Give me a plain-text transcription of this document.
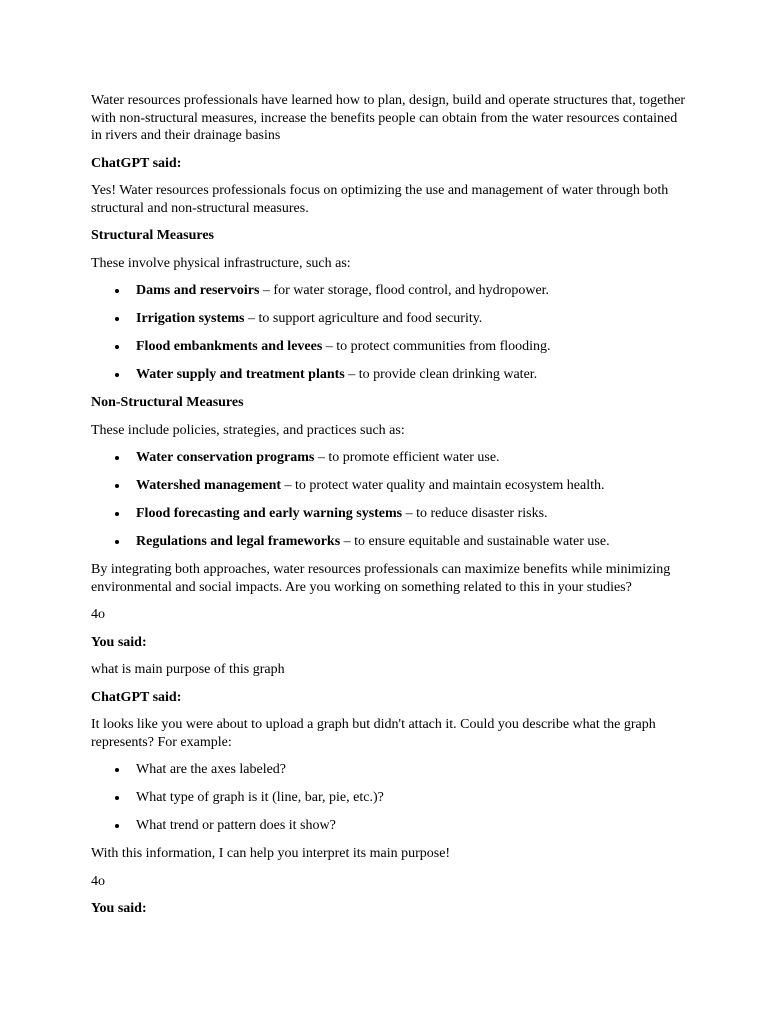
Water resources professionals have learned how to plan, design, build and operate structures that, together with non-structural measures, increase the benefits people can obtain from the water resources contained in rivers and their drainage basins

ChatGPT said:

Yes! Water resources professionals focus on optimizing the use and management of water through both structural and non-structural measures.

Structural Measures

These involve physical infrastructure, such as:

Dams and reservoirs – for water storage, flood control, and hydropower.
Irrigation systems – to support agriculture and food security.
Flood embankments and levees – to protect communities from flooding.
Water supply and treatment plants – to provide clean drinking water.

Non-Structural Measures

These include policies, strategies, and practices such as:

Water conservation programs – to promote efficient water use.
Watershed management – to protect water quality and maintain ecosystem health.
Flood forecasting and early warning systems – to reduce disaster risks.
Regulations and legal frameworks – to ensure equitable and sustainable water use.

By integrating both approaches, water resources professionals can maximize benefits while minimizing environmental and social impacts. Are you working on something related to this in your studies?

4o

You said:

what is main purpose of this graph

ChatGPT said:

It looks like you were about to upload a graph but didn't attach it. Could you describe what the graph represents? For example:

What are the axes labeled?
What type of graph is it (line, bar, pie, etc.)?
What trend or pattern does it show?

With this information, I can help you interpret its main purpose!

4o

You said:
